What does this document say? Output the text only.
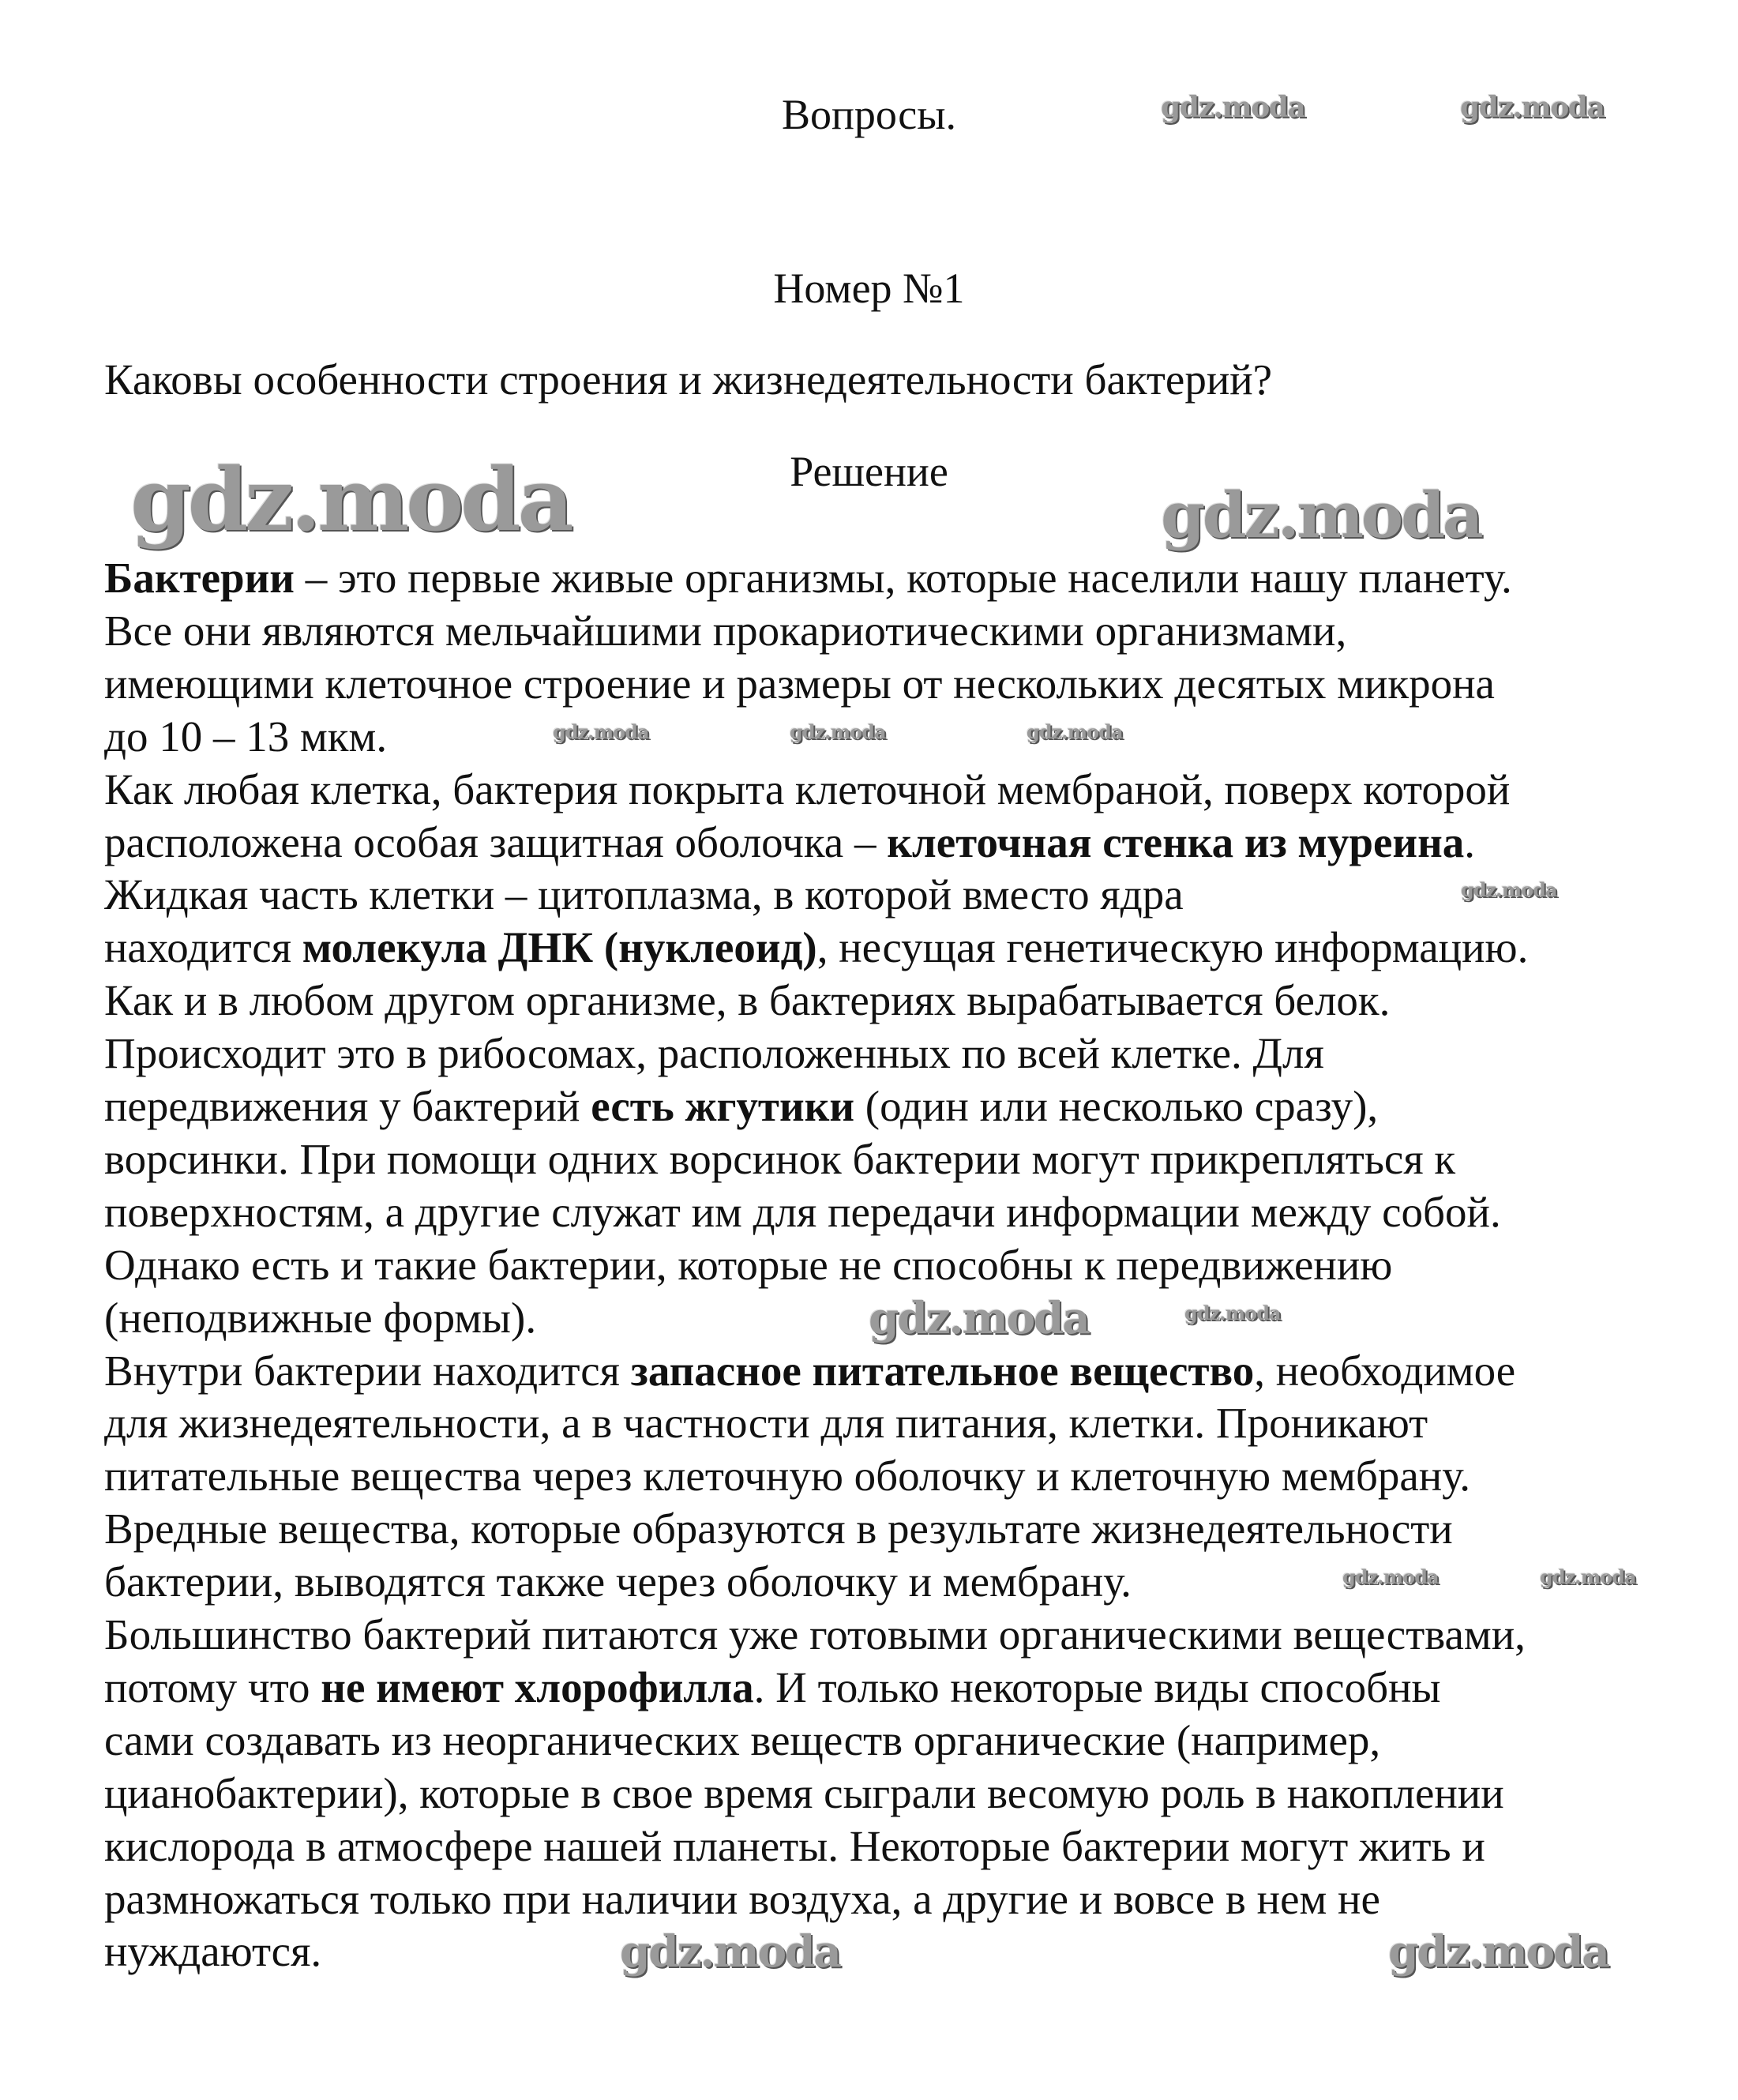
Вопросы.
Номер №1
Каковы особенности строения и жизнедеятельности бактерий?
Решение
Бактерии – это первые живые организмы, которые населили нашу планету.
Все они являются мельчайшими прокариотическими организмами,
имеющими клеточное строение и размеры от нескольких десятых микрона
до 10 – 13 мкм.
Как любая клетка, бактерия покрыта клеточной мембраной, поверх которой
расположена особая защитная оболочка – клеточная стенка из муреина.
Жидкая часть клетки – цитоплазма, в которой вместо ядра
находится молекула ДНК (нуклеоид), несущая генетическую информацию.
Как и в любом другом организме, в бактериях вырабатывается белок.
Происходит это в рибосомах, расположенных по всей клетке. Для
передвижения у бактерий есть жгутики (один или несколько сразу),
ворсинки. При помощи одних ворсинок бактерии могут прикрепляться к
поверхностям, а другие служат им для передачи информации между собой.
Однако есть и такие бактерии, которые не способны к передвижению
(неподвижные формы).
Внутри бактерии находится запасное питательное вещество, необходимое
для жизнедеятельности, а в частности для питания, клетки. Проникают
питательные вещества через клеточную оболочку и клеточную мембрану.
Вредные вещества, которые образуются в результате жизнедеятельности
бактерии, выводятся также через оболочку и мембрану.
Большинство бактерий питаются уже готовыми органическими веществами,
потому что не имеют хлорофилла. И только некоторые виды способны
сами создавать из неорганических веществ органические (например,
цианобактерии), которые в свое время сыграли весомую роль в накоплении
кислорода в атмосфере нашей планеты. Некоторые бактерии могут жить и
размножаться только при наличии воздуха, а другие и вовсе в нем не
нуждаются.
gdz.moda	gdz.moda
gdz.moda	gdz.moda
gdz.moda
gdz.moda	gdz.moda
gdz.moda	gdz.moda	gdz.moda
gdz.moda
gdz.moda
gdz.moda	gdz.moda
